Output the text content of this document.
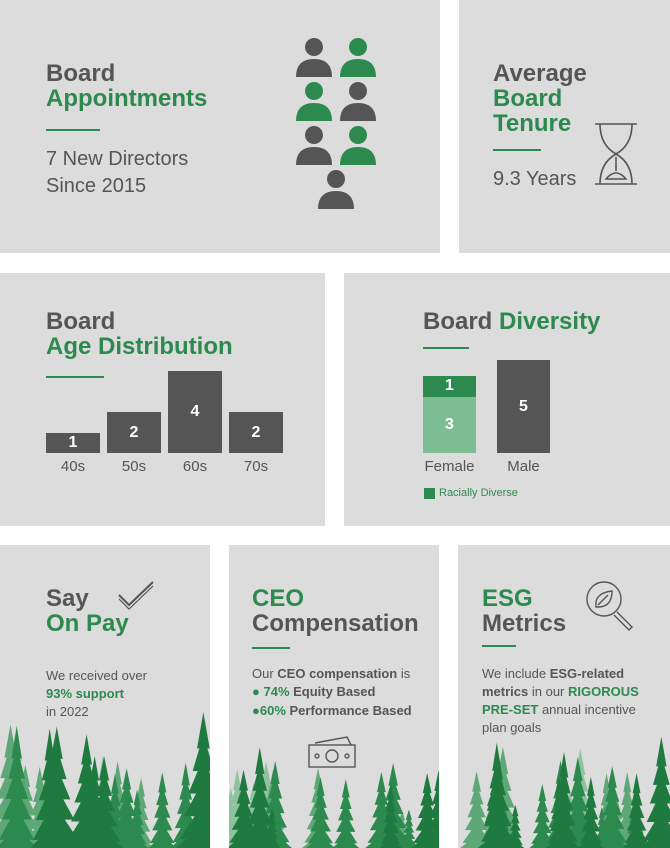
Board
Appointments
7 New Directors
Since 2015
Average
Board
Tenure
9.3 Years
Board
Age Distribution
1
40s
2
50s
4
60s
2
70s
Board Diversity
3
1
Female
5
Male
Racially Diverse
Say
On Pay
We received over
93% support
in 2022
CEO
Compensation
Our CEO compensation is
● 74% Equity Based
●60% Performance Based
ESG
Metrics
We include ESG-related
metrics in our RIGOROUS
PRE-SET annual incentive
plan goals
